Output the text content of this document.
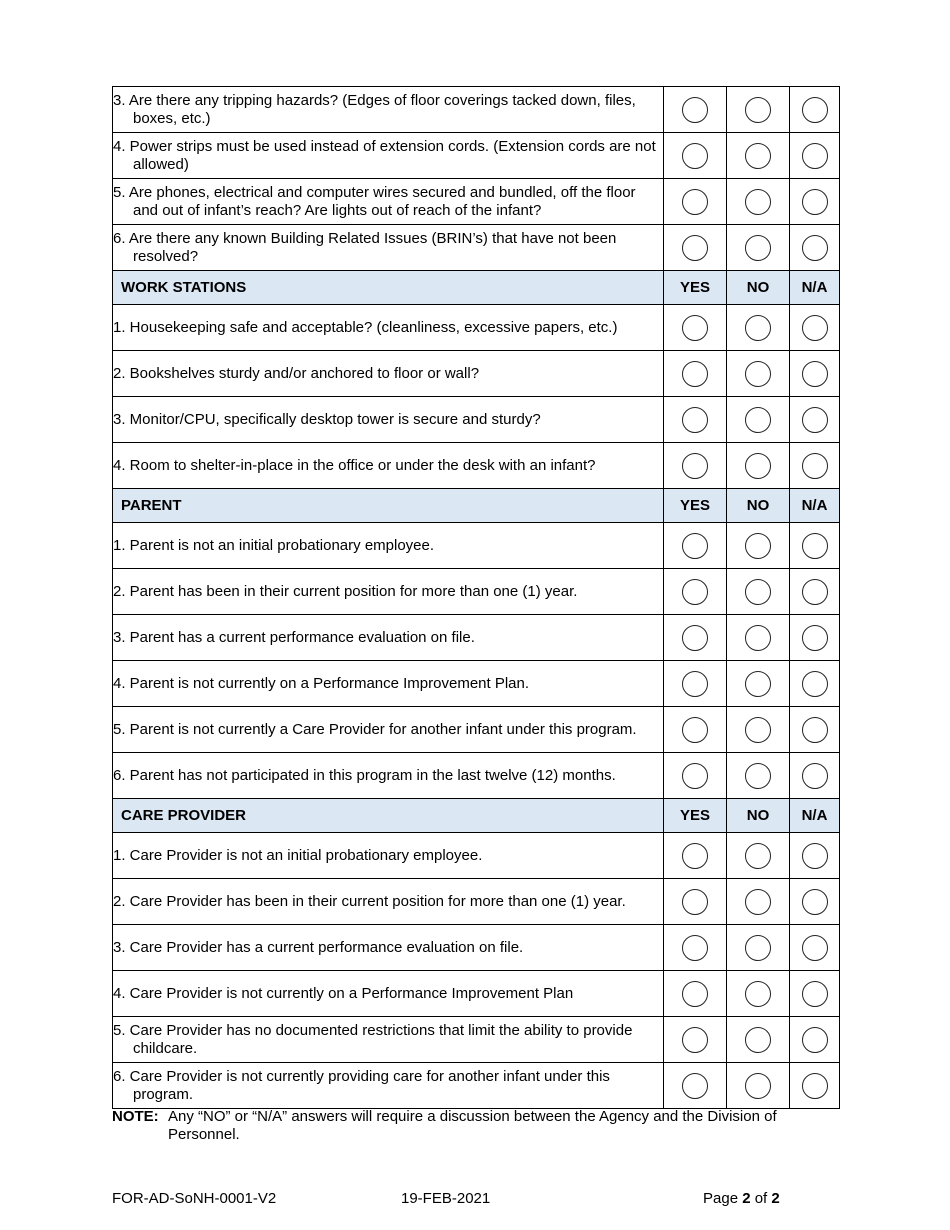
3. Are there any tripping hazards? (Edges of floor coverings tacked down, files, boxes, etc.)			

4. Power strips must be used instead of extension cords. (Extension cords are not allowed)			

5. Are phones, electrical and computer wires secured and bundled, off the floor and out of infant’s reach? Are lights out of reach of the infant?			

6. Are there any known Building Related Issues (BRIN’s) that have not been resolved?			

WORK STATIONS	YES	NO	N/A

1. Housekeeping safe and acceptable? (cleanliness, excessive papers, etc.)			

2. Bookshelves sturdy and/or anchored to floor or wall?			

3. Monitor/CPU, specifically desktop tower is secure and sturdy?			

4. Room to shelter-in-place in the office or under the desk with an infant?			

PARENT	YES	NO	N/A

1. Parent is not an initial probationary employee.			

2. Parent has been in their current position for more than one (1) year.			

3. Parent has a current performance evaluation on file.			

4. Parent is not currently on a Performance Improvement Plan.			

5. Parent is not currently a Care Provider for another infant under this program.			

6. Parent has not participated in this program in the last twelve (12) months.			

CARE PROVIDER	YES	NO	N/A

1. Care Provider is not an initial probationary employee.			

2. Care Provider has been in their current position for more than one (1) year.			

3. Care Provider has a current performance evaluation on file.			

4. Care Provider is not currently on a Performance Improvement Plan			

5. Care Provider has no documented restrictions that limit the ability to provide childcare.			

6. Care Provider is not currently providing care for another infant under this program.			

NOTE: Any “NO” or “N/A” answers will require a discussion between the Agency and the Division of Personnel.
FOR-AD-SoNH-0001-V2	19-FEB-2021	Page 2 of 2
